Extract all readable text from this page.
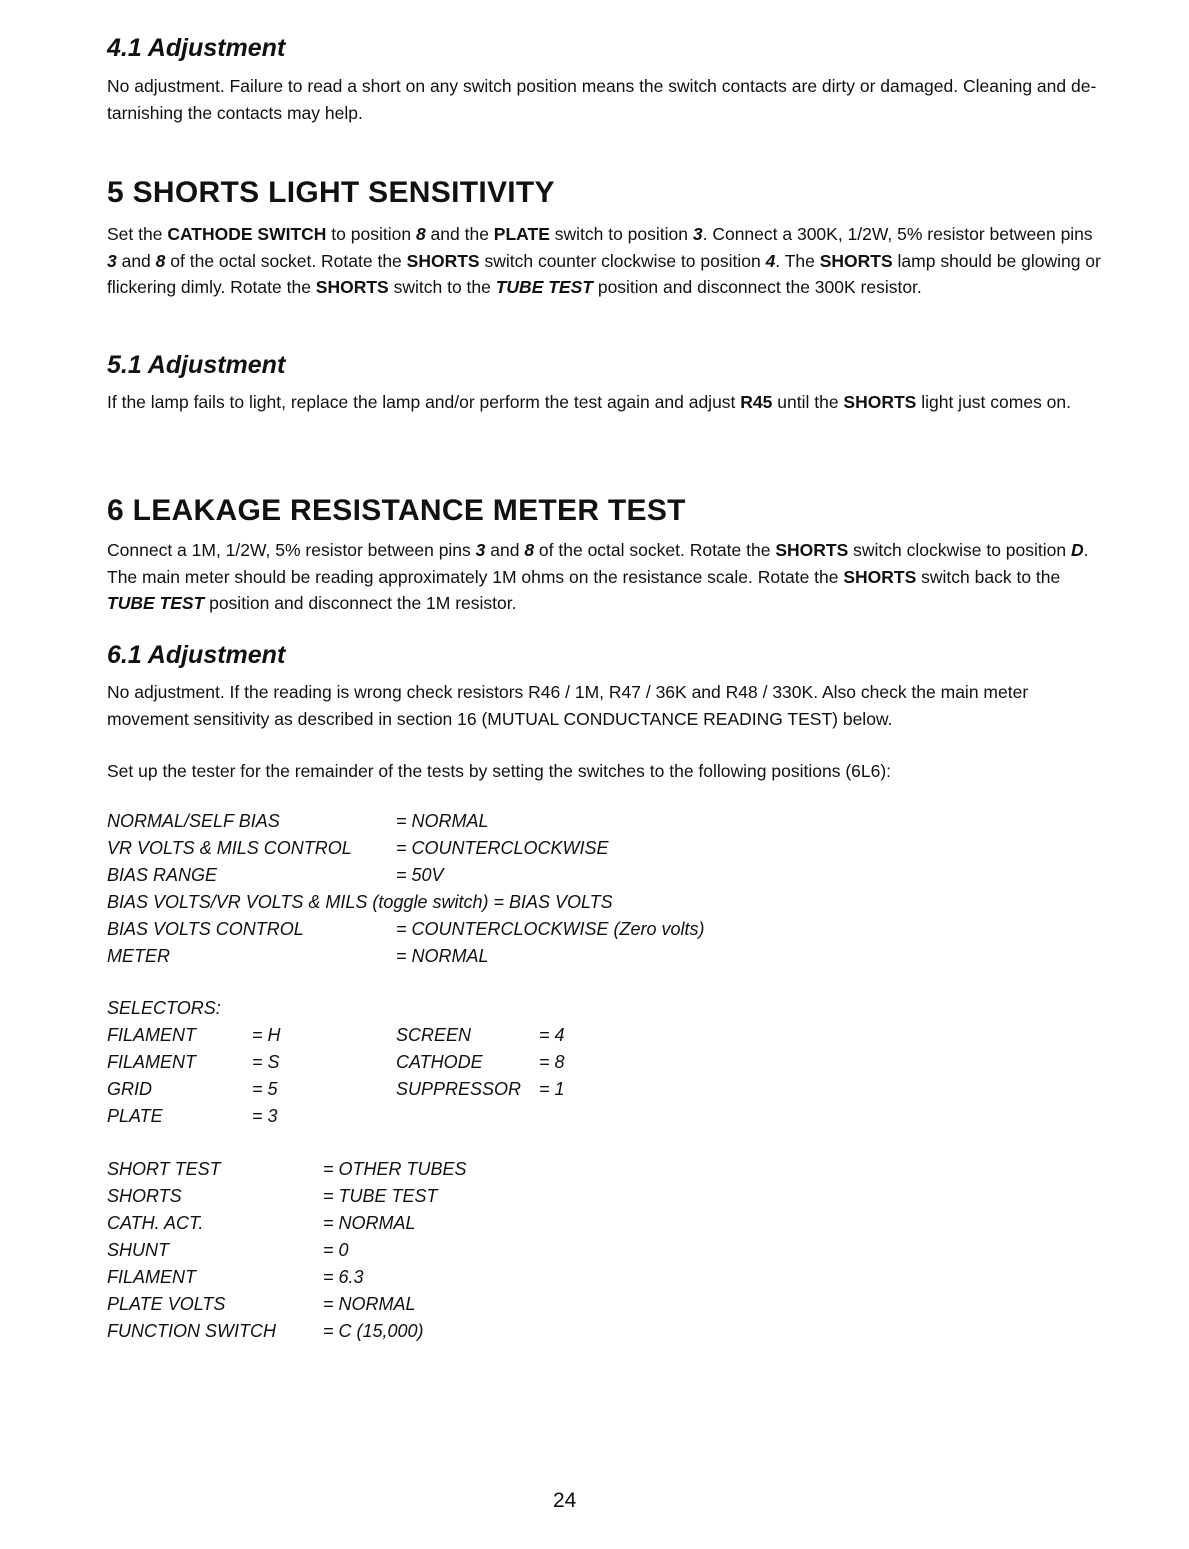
4.1 Adjustment
No adjustment. Failure to read a short on any switch position means the switch contacts are dirty or damaged. Cleaning and de-tarnishing the contacts may help.
5 SHORTS LIGHT SENSITIVITY
Set the CATHODE SWITCH to position 8 and the PLATE switch to position 3. Connect a 300K, 1/2W, 5% resistor between pins 3 and 8 of the octal socket. Rotate the SHORTS switch counter clockwise to position 4. The SHORTS lamp should be glowing or flickering dimly. Rotate the SHORTS switch to the TUBE TEST position and disconnect the 300K resistor.
5.1 Adjustment
If the lamp fails to light, replace the lamp and/or perform the test again and adjust R45 until the SHORTS light just comes on.
6 LEAKAGE RESISTANCE METER TEST
Connect a 1M, 1/2W, 5% resistor between pins 3 and 8 of the octal socket. Rotate the SHORTS switch clockwise to position D. The main meter should be reading approximately 1M ohms on the resistance scale. Rotate the SHORTS switch back to the TUBE TEST position and disconnect the 1M resistor.
6.1 Adjustment
No adjustment. If the reading is wrong check resistors R46 / 1M, R47 / 36K and R48 / 330K. Also check the main meter movement sensitivity as described in section 16 (MUTUAL CONDUCTANCE READING TEST) below.
Set up the tester for the remainder of the tests by setting the switches to the following positions (6L6):
NORMAL/SELF BIAS	= NORMAL
VR VOLTS & MILS CONTROL = COUNTERCLOCKWISE
BIAS RANGE	= 50V
BIAS VOLTS/VR VOLTS & MILS (toggle switch) = BIAS VOLTS
BIAS VOLTS CONTROL	= COUNTERCLOCKWISE (Zero volts)
METER	= NORMAL
SELECTORS:
FILAMENT	= H	SCREEN	= 4
FILAMENT	= S	CATHODE	= 8
GRID	= 5	SUPPRESSOR = 1
PLATE	= 3
SHORT TEST	= OTHER TUBES
SHORTS	= TUBE TEST
CATH. ACT.	= NORMAL
SHUNT	= 0
FILAMENT	= 6.3
PLATE VOLTS	= NORMAL
FUNCTION SWITCH	= C (15,000)
24
